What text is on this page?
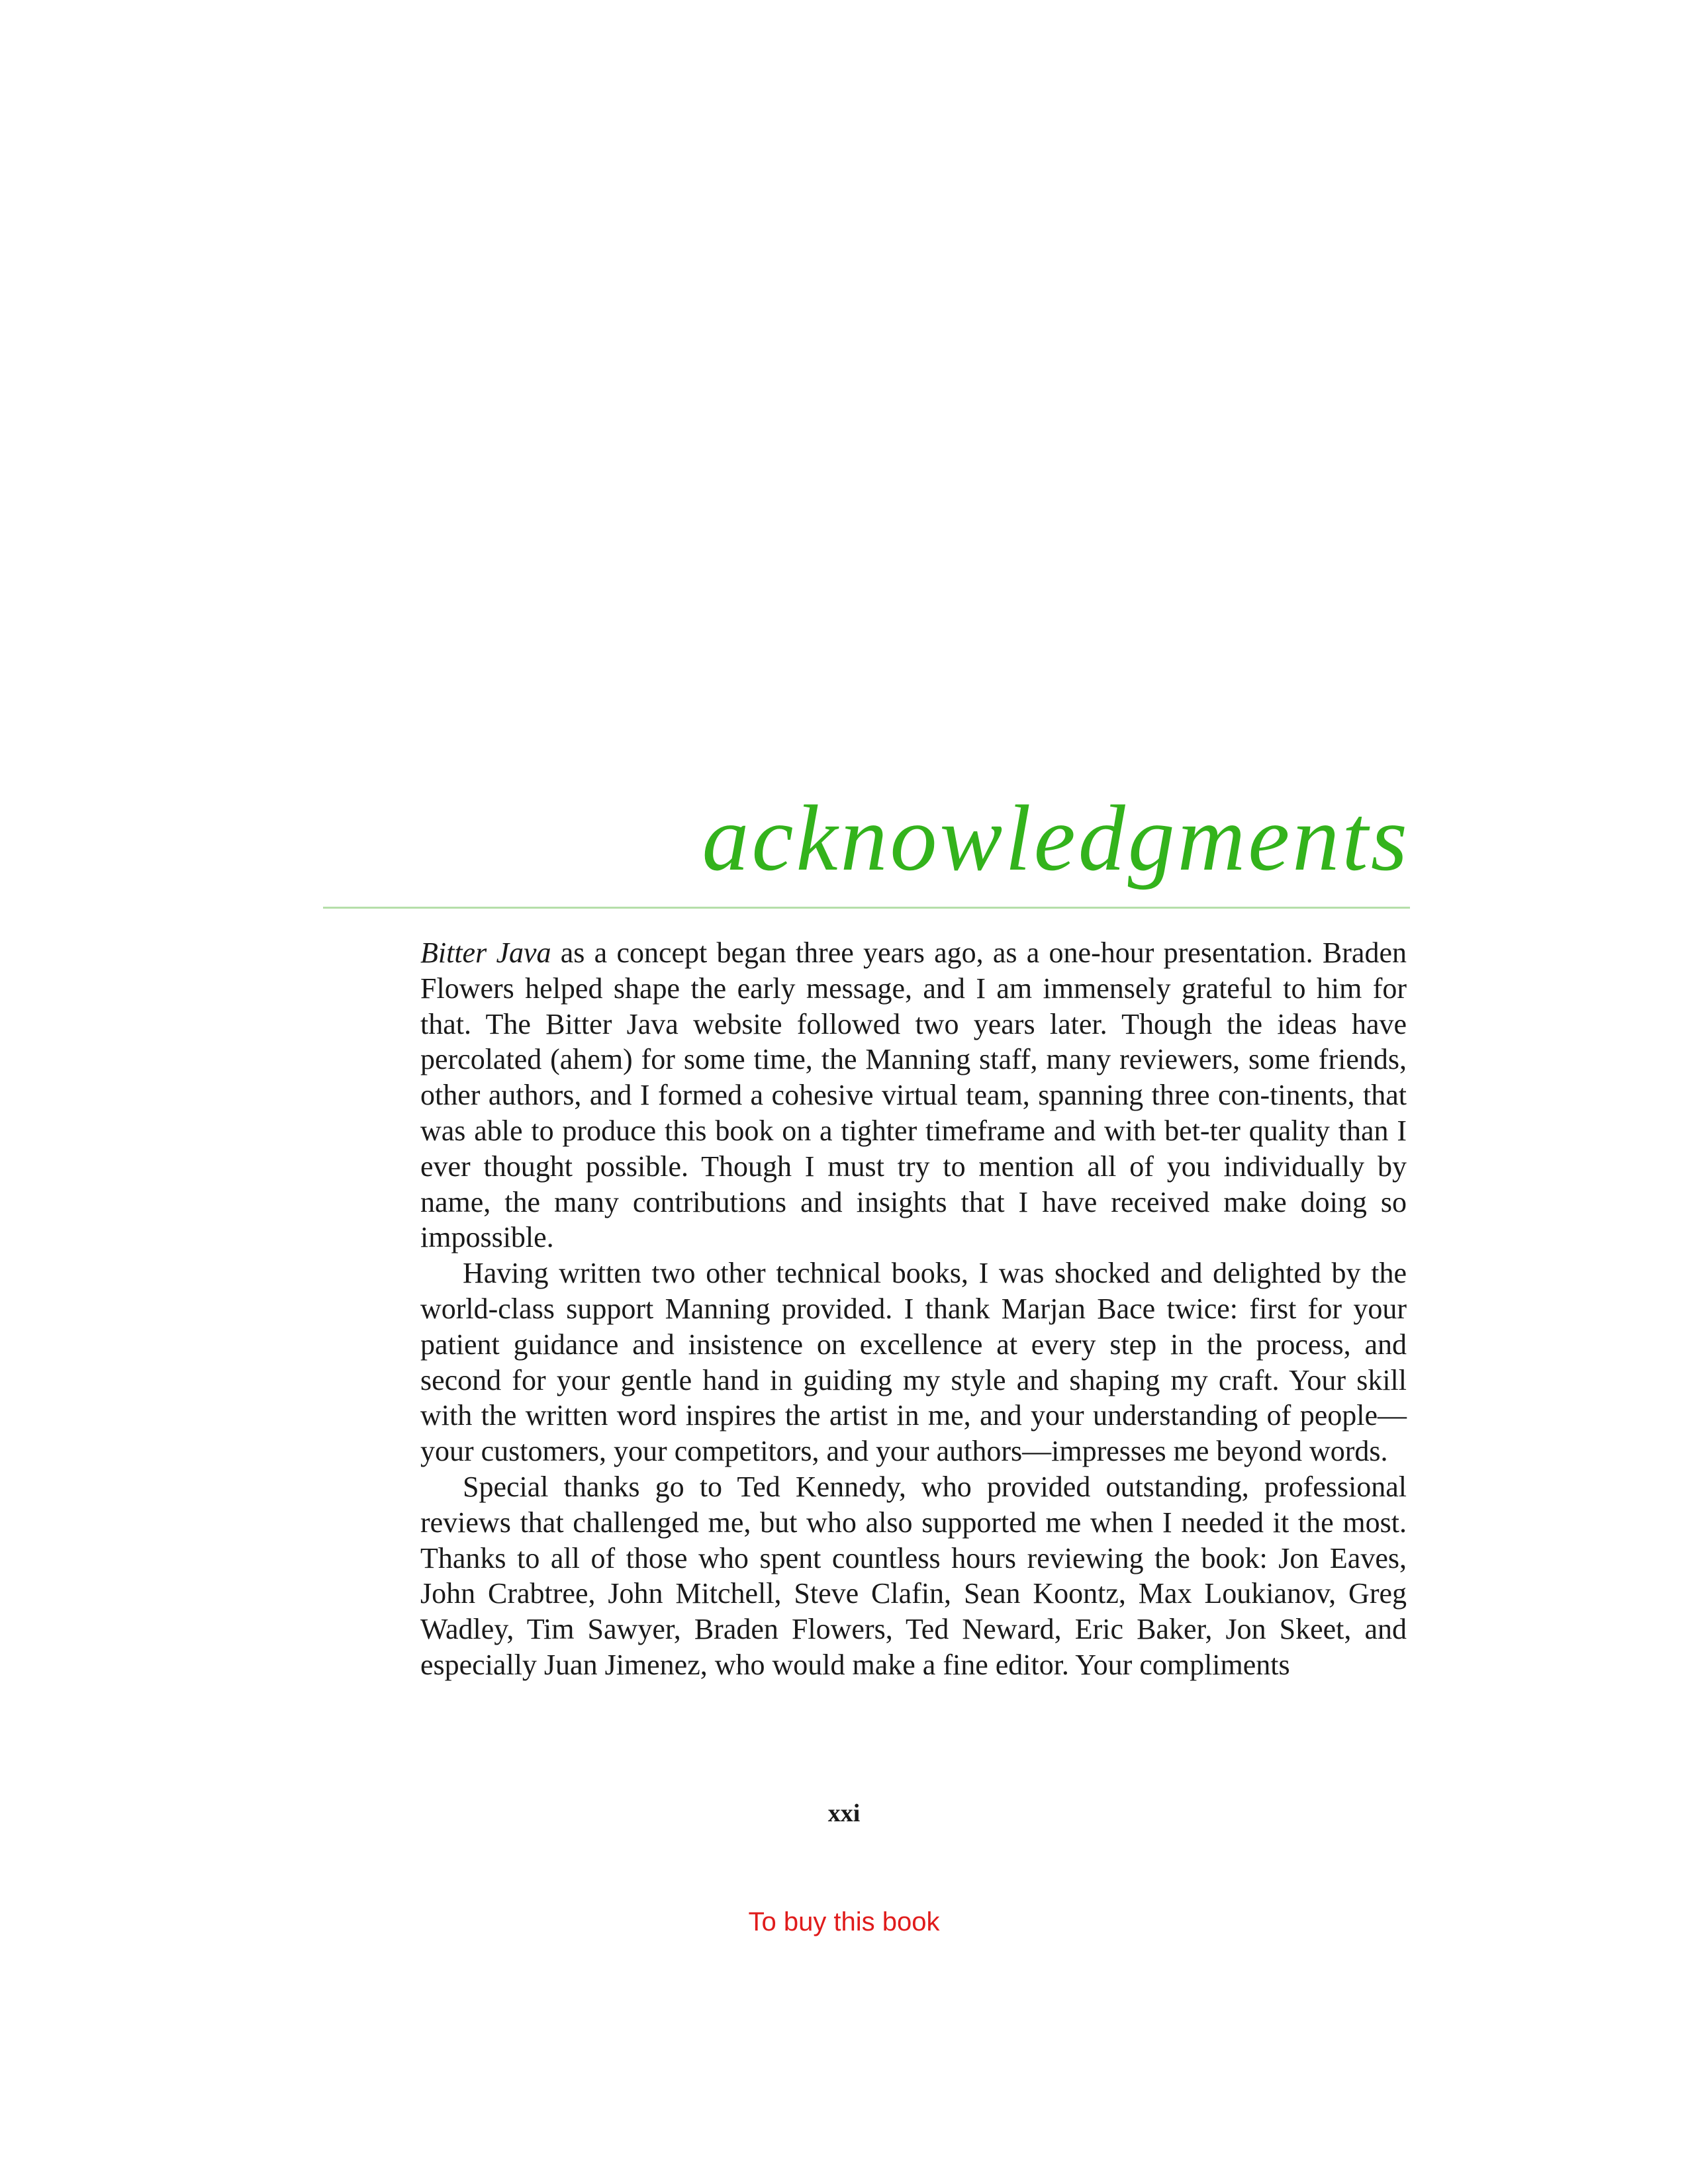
acknowledgments

Bitter Java as a concept began three years ago, as a one-hour presentation. Braden Flowers helped shape the early message, and I am immensely grateful to him for that. The Bitter Java website followed two years later. Though the ideas have percolated (ahem) for some time, the Manning staff, many reviewers, some friends, other authors, and I formed a cohesive virtual team, spanning three con-tinents, that was able to produce this book on a tighter timeframe and with bet-ter quality than I ever thought possible. Though I must try to mention all of you individually by name, the many contributions and insights that I have received make doing so impossible.

Having written two other technical books, I was shocked and delighted by the world-class support Manning provided. I thank Marjan Bace twice: first for your patient guidance and insistence on excellence at every step in the process, and second for your gentle hand in guiding my style and shaping my craft. Your skill with the written word inspires the artist in me, and your understanding of people—your customers, your competitors, and your authors—impresses me beyond words.

Special thanks go to Ted Kennedy, who provided outstanding, professional reviews that challenged me, but who also supported me when I needed it the most. Thanks to all of those who spent countless hours reviewing the book: Jon Eaves, John Crabtree, John Mitchell, Steve Clafin, Sean Koontz, Max Loukianov, Greg Wadley, Tim Sawyer, Braden Flowers, Ted Neward, Eric Baker, Jon Skeet, and especially Juan Jimenez, who would make a fine editor. Your compliments

xxi
To buy this book
